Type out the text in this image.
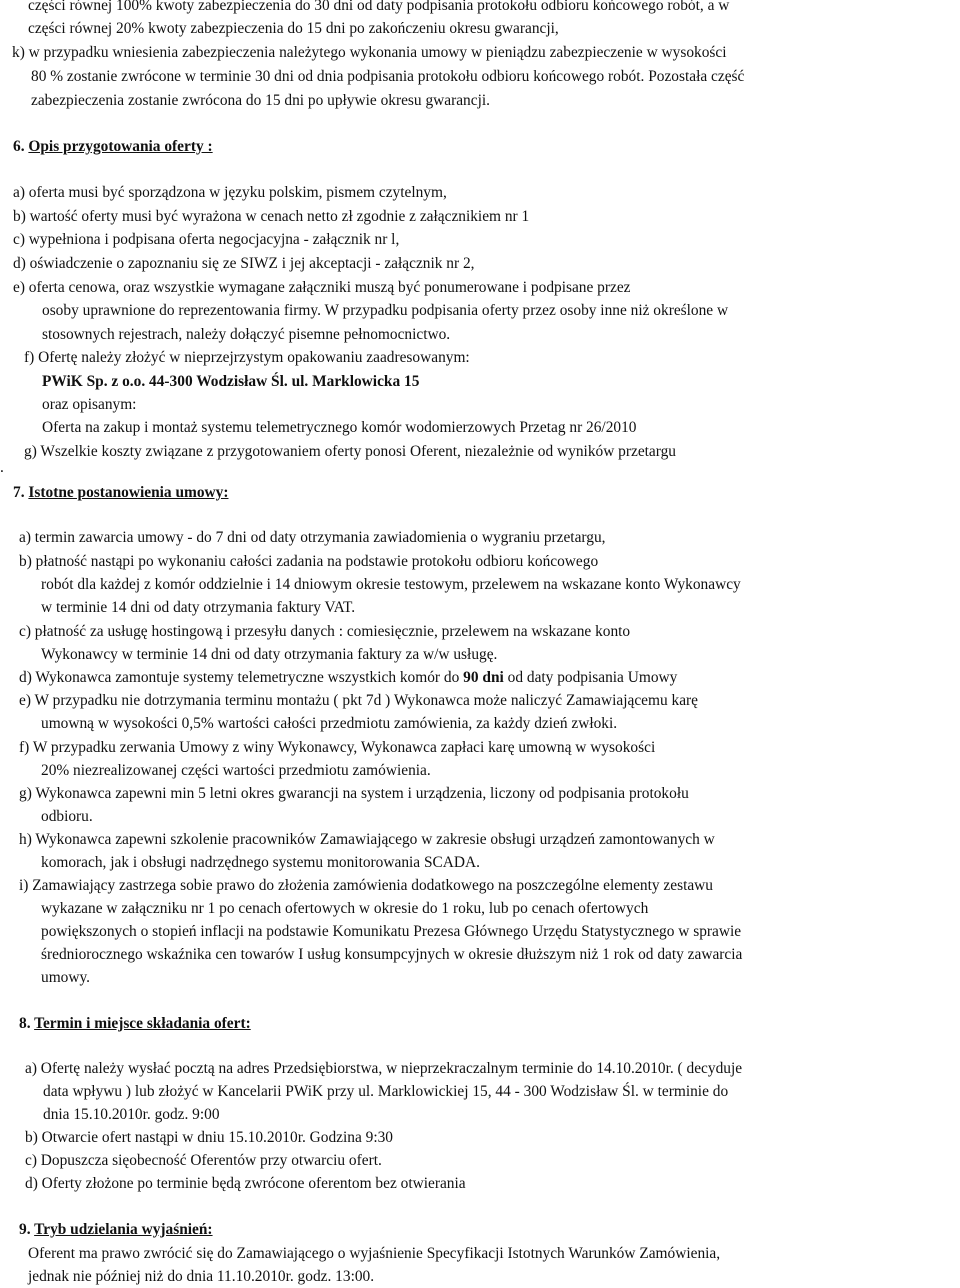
części równej 100% kwoty zabezpieczenia do 30 dni od daty podpisania protokołu odbioru końcowego robót, a w
części równej 20% kwoty zabezpieczenia do 15 dni po zakończeniu okresu gwarancji,
k) w przypadku wniesienia zabezpieczenia należytego wykonania umowy w pieniądzu zabezpieczenie w wysokości
80 % zostanie zwrócone w terminie 30 dni od dnia podpisania protokołu odbioru końcowego robót. Pozostała część
zabezpieczenia zostanie zwrócona do 15 dni po upływie okresu gwarancji.
6. Opis przygotowania oferty :
a) oferta musi być sporządzona w języku polskim, pismem czytelnym,
b) wartość oferty musi być wyrażona w cenach netto zł zgodnie z załącznikiem nr 1
c) wypełniona i podpisana oferta negocjacyjna - załącznik nr l,
d) oświadczenie o zapoznaniu się ze SIWZ i jej akceptacji - załącznik nr 2,
e) oferta cenowa, oraz wszystkie wymagane załączniki muszą być ponumerowane i podpisane przez
osoby uprawnione do reprezentowania firmy. W przypadku podpisania oferty przez osoby inne niż określone w
stosownych rejestrach, należy dołączyć pisemne pełnomocnictwo.
f) Ofertę należy złożyć w nieprzejrzystym opakowaniu zaadresowanym:
PWiK Sp. z o.o. 44-300 Wodzisław Śl. ul. Marklowicka 15
oraz opisanym:
Oferta na zakup i montaż systemu telemetrycznego komór wodomierzowych Przetag nr 26/2010
g) Wszelkie koszty związane z przygotowaniem oferty ponosi Oferent, niezależnie od wyników przetargu
.
7. Istotne postanowienia umowy:
a) termin zawarcia umowy - do 7 dni od daty otrzymania zawiadomienia o wygraniu przetargu,
b) płatność nastąpi po wykonaniu całości zadania na podstawie protokołu odbioru końcowego
robót dla każdej z komór oddzielnie i 14 dniowym okresie testowym, przelewem na wskazane konto Wykonawcy
w terminie 14 dni od daty otrzymania faktury VAT.
c) płatność za usługę hostingową i przesyłu danych : comiesięcznie, przelewem na wskazane konto
Wykonawcy w terminie 14 dni od daty otrzymania faktury za w/w usługę.
d) Wykonawca zamontuje systemy telemetryczne wszystkich komór do 90 dni od daty podpisania Umowy
e) W przypadku nie dotrzymania terminu montażu ( pkt 7d ) Wykonawca może naliczyć Zamawiającemu karę
umowną w wysokości 0,5% wartości całości przedmiotu zamówienia, za każdy dzień zwłoki.
f) W przypadku zerwania Umowy z winy Wykonawcy, Wykonawca zapłaci karę umowną w wysokości
20% niezrealizowanej części wartości przedmiotu zamówienia.
g) Wykonawca zapewni min 5 letni okres gwarancji na system i urządzenia, liczony od podpisania protokołu
odbioru.
h) Wykonawca zapewni szkolenie pracowników Zamawiającego w zakresie obsługi urządzeń zamontowanych w
komorach, jak i obsługi nadrzędnego systemu monitorowania SCADA.
i) Zamawiający zastrzega sobie prawo do złożenia zamówienia dodatkowego na poszczególne elementy zestawu
wykazane w załączniku nr 1 po cenach ofertowych w okresie do 1 roku, lub po cenach ofertowych
powiększonych o stopień inflacji na podstawie Komunikatu Prezesa Głównego Urzędu Statystycznego w sprawie
średniorocznego wskaźnika cen towarów I usług konsumpcyjnych w okresie dłuższym niż 1 rok od daty zawarcia
umowy.
8. Termin i miejsce składania ofert:
a) Ofertę należy wysłać pocztą na adres Przedsiębiorstwa, w nieprzekraczalnym terminie do 14.10.2010r. ( decyduje
data wpływu ) lub złożyć w Kancelarii PWiK przy ul. Marklowickiej 15, 44 - 300 Wodzisław Śl. w terminie do
dnia 15.10.2010r. godz. 9:00
b) Otwarcie ofert nastąpi w dniu 15.10.2010r. Godzina 9:30
c) Dopuszcza sięobecność Oferentów przy otwarciu ofert.
d) Oferty złożone po terminie będą zwrócone oferentom bez otwierania
9. Tryb udzielania wyjaśnień:
Oferent ma prawo zwrócić się do Zamawiającego o wyjaśnienie Specyfikacji Istotnych Warunków Zamówienia,
jednak nie później niż do dnia 11.10.2010r. godz. 13:00.
